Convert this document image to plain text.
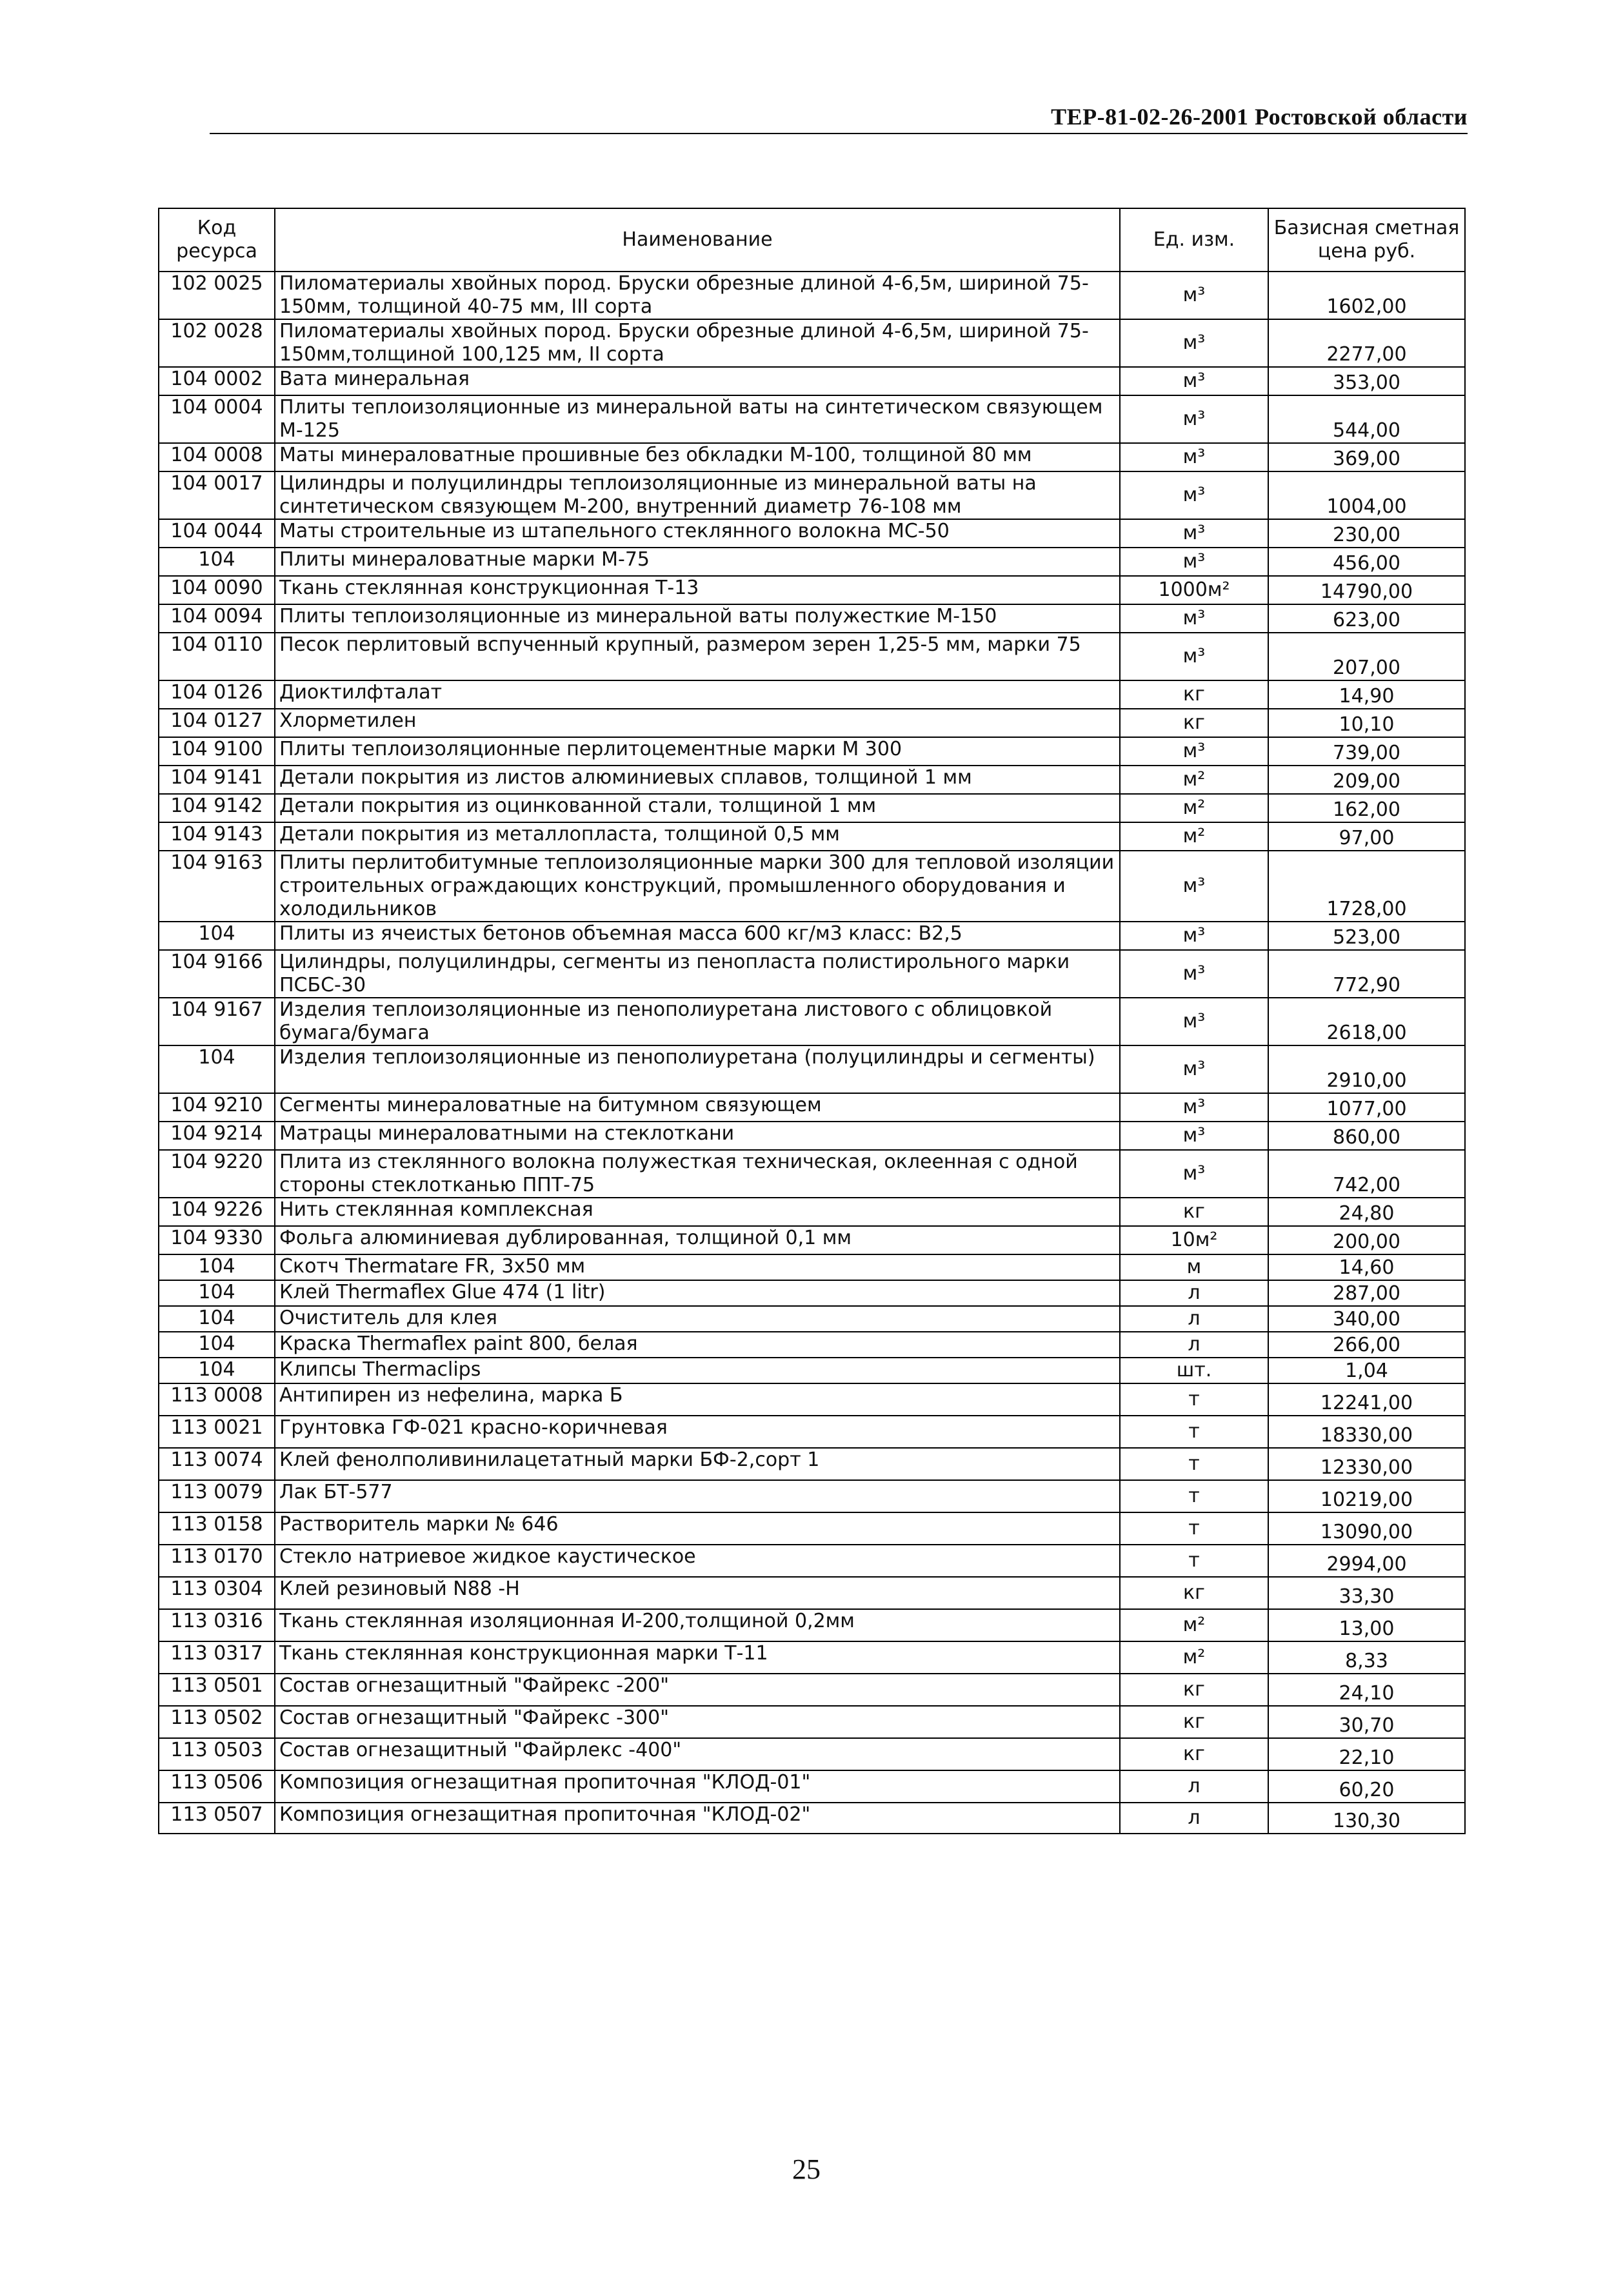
ТЕР-81-02-26-2001 Ростовской области
Код ресурса	Наименование	Ед. изм.	Базисная сметная цена руб.
102 0025	Пиломатериалы хвойных пород. Бруски обрезные длиной 4-6,5м, шириной 75-150мм, толщиной 40-75 мм, III сорта	м³	1602,00
102 0028	Пиломатериалы хвойных пород. Бруски обрезные длиной 4-6,5м, шириной 75-150мм,толщиной 100,125 мм, II сорта	м³	2277,00
104 0002	Вата минеральная	м³	353,00
104 0004	Плиты теплоизоляционные из минеральной ваты на синтетическом связующем М-125	м³	544,00
104 0008	Маты минераловатные прошивные без обкладки М-100, толщиной 80 мм	м³	369,00
104 0017	Цилиндры и полуцилиндры теплоизоляционные из минеральной ваты на синтетическом связующем М-200, внутренний диаметр 76-108 мм	м³	1004,00
104 0044	Маты строительные из штапельного стеклянного волокна МС-50	м³	230,00
104	Плиты минераловатные марки М-75	м³	456,00
104 0090	Ткань стеклянная конструкционная Т-13	1000м²	14790,00
104 0094	Плиты теплоизоляционные из минеральной ваты полужесткие М-150	м³	623,00
104 0110	Песок перлитовый вспученный крупный, размером зерен 1,25-5 мм, марки 75	м³	207,00
104 0126	Диоктилфталат	кг	14,90
104 0127	Хлорметилен	кг	10,10
104 9100	Плиты теплоизоляционные перлитоцементные марки М 300	м³	739,00
104 9141	Детали покрытия из листов алюминиевых сплавов, толщиной 1 мм	м²	209,00
104 9142	Детали покрытия из оцинкованной стали, толщиной 1 мм	м²	162,00
104 9143	Детали покрытия из металлопласта, толщиной 0,5 мм	м²	97,00
104 9163	Плиты перлитобитумные теплоизоляционные марки 300 для тепловой изоляции строительных ограждающих конструкций, промышленного оборудования и холодильников	м³	1728,00
104	Плиты из ячеистых бетонов объемная масса 600 кг/м3 класс: В2,5	м³	523,00
104 9166	Цилиндры, полуцилиндры, сегменты из пенопласта полистирольного марки ПСБС-30	м³	772,90
104 9167	Изделия теплоизоляционные из пенополиуретана листового с облицовкой бумага/бумага	м³	2618,00
104	Изделия теплоизоляционные из пенополиуретана (полуцилиндры и сегменты)	м³	2910,00
104 9210	Сегменты минераловатные на битумном связующем	м³	1077,00
104 9214	Матрацы минераловатными на стеклоткани	м³	860,00
104 9220	Плита из стеклянного волокна полужесткая техническая, оклеенная с одной стороны стеклотканью ППТ-75	м³	742,00
104 9226	Нить стеклянная комплексная	кг	24,80
104 9330	Фольга алюминиевая дублированная, толщиной 0,1 мм	10м²	200,00
104	Скотч Thermatare FR, 3х50 мм	м	14,60
104	Клей Thermaflex Glue 474 (1 litr)	л	287,00
104	Очиститель для клея	л	340,00
104	Краска Thermaflex paint 800, белая	л	266,00
104	Клипсы Thermaclips	шт.	1,04
113 0008	Антипирен из нефелина, марка Б	т	12241,00
113 0021	Грунтовка ГФ-021 красно-коричневая	т	18330,00
113 0074	Клей фенолполивинилацетатный марки БФ-2,сорт 1	т	12330,00
113 0079	Лак БТ-577	т	10219,00
113 0158	Растворитель марки № 646	т	13090,00
113 0170	Стекло натриевое жидкое каустическое	т	2994,00
113 0304	Клей резиновый N88 -Н	кг	33,30
113 0316	Ткань стеклянная изоляционная И-200,толщиной 0,2мм	м²	13,00
113 0317	Ткань стеклянная конструкционная марки Т-11	м²	8,33
113 0501	Состав огнезащитный "Файрекс -200"	кг	24,10
113 0502	Состав огнезащитный "Файрекс -300"	кг	30,70
113 0503	Состав огнезащитный "Файрлекс -400"	кг	22,10
113 0506	Композиция огнезащитная пропиточная "КЛОД-01"	л	60,20
113 0507	Композиция огнезащитная пропиточная "КЛОД-02"	л	130,30
25
